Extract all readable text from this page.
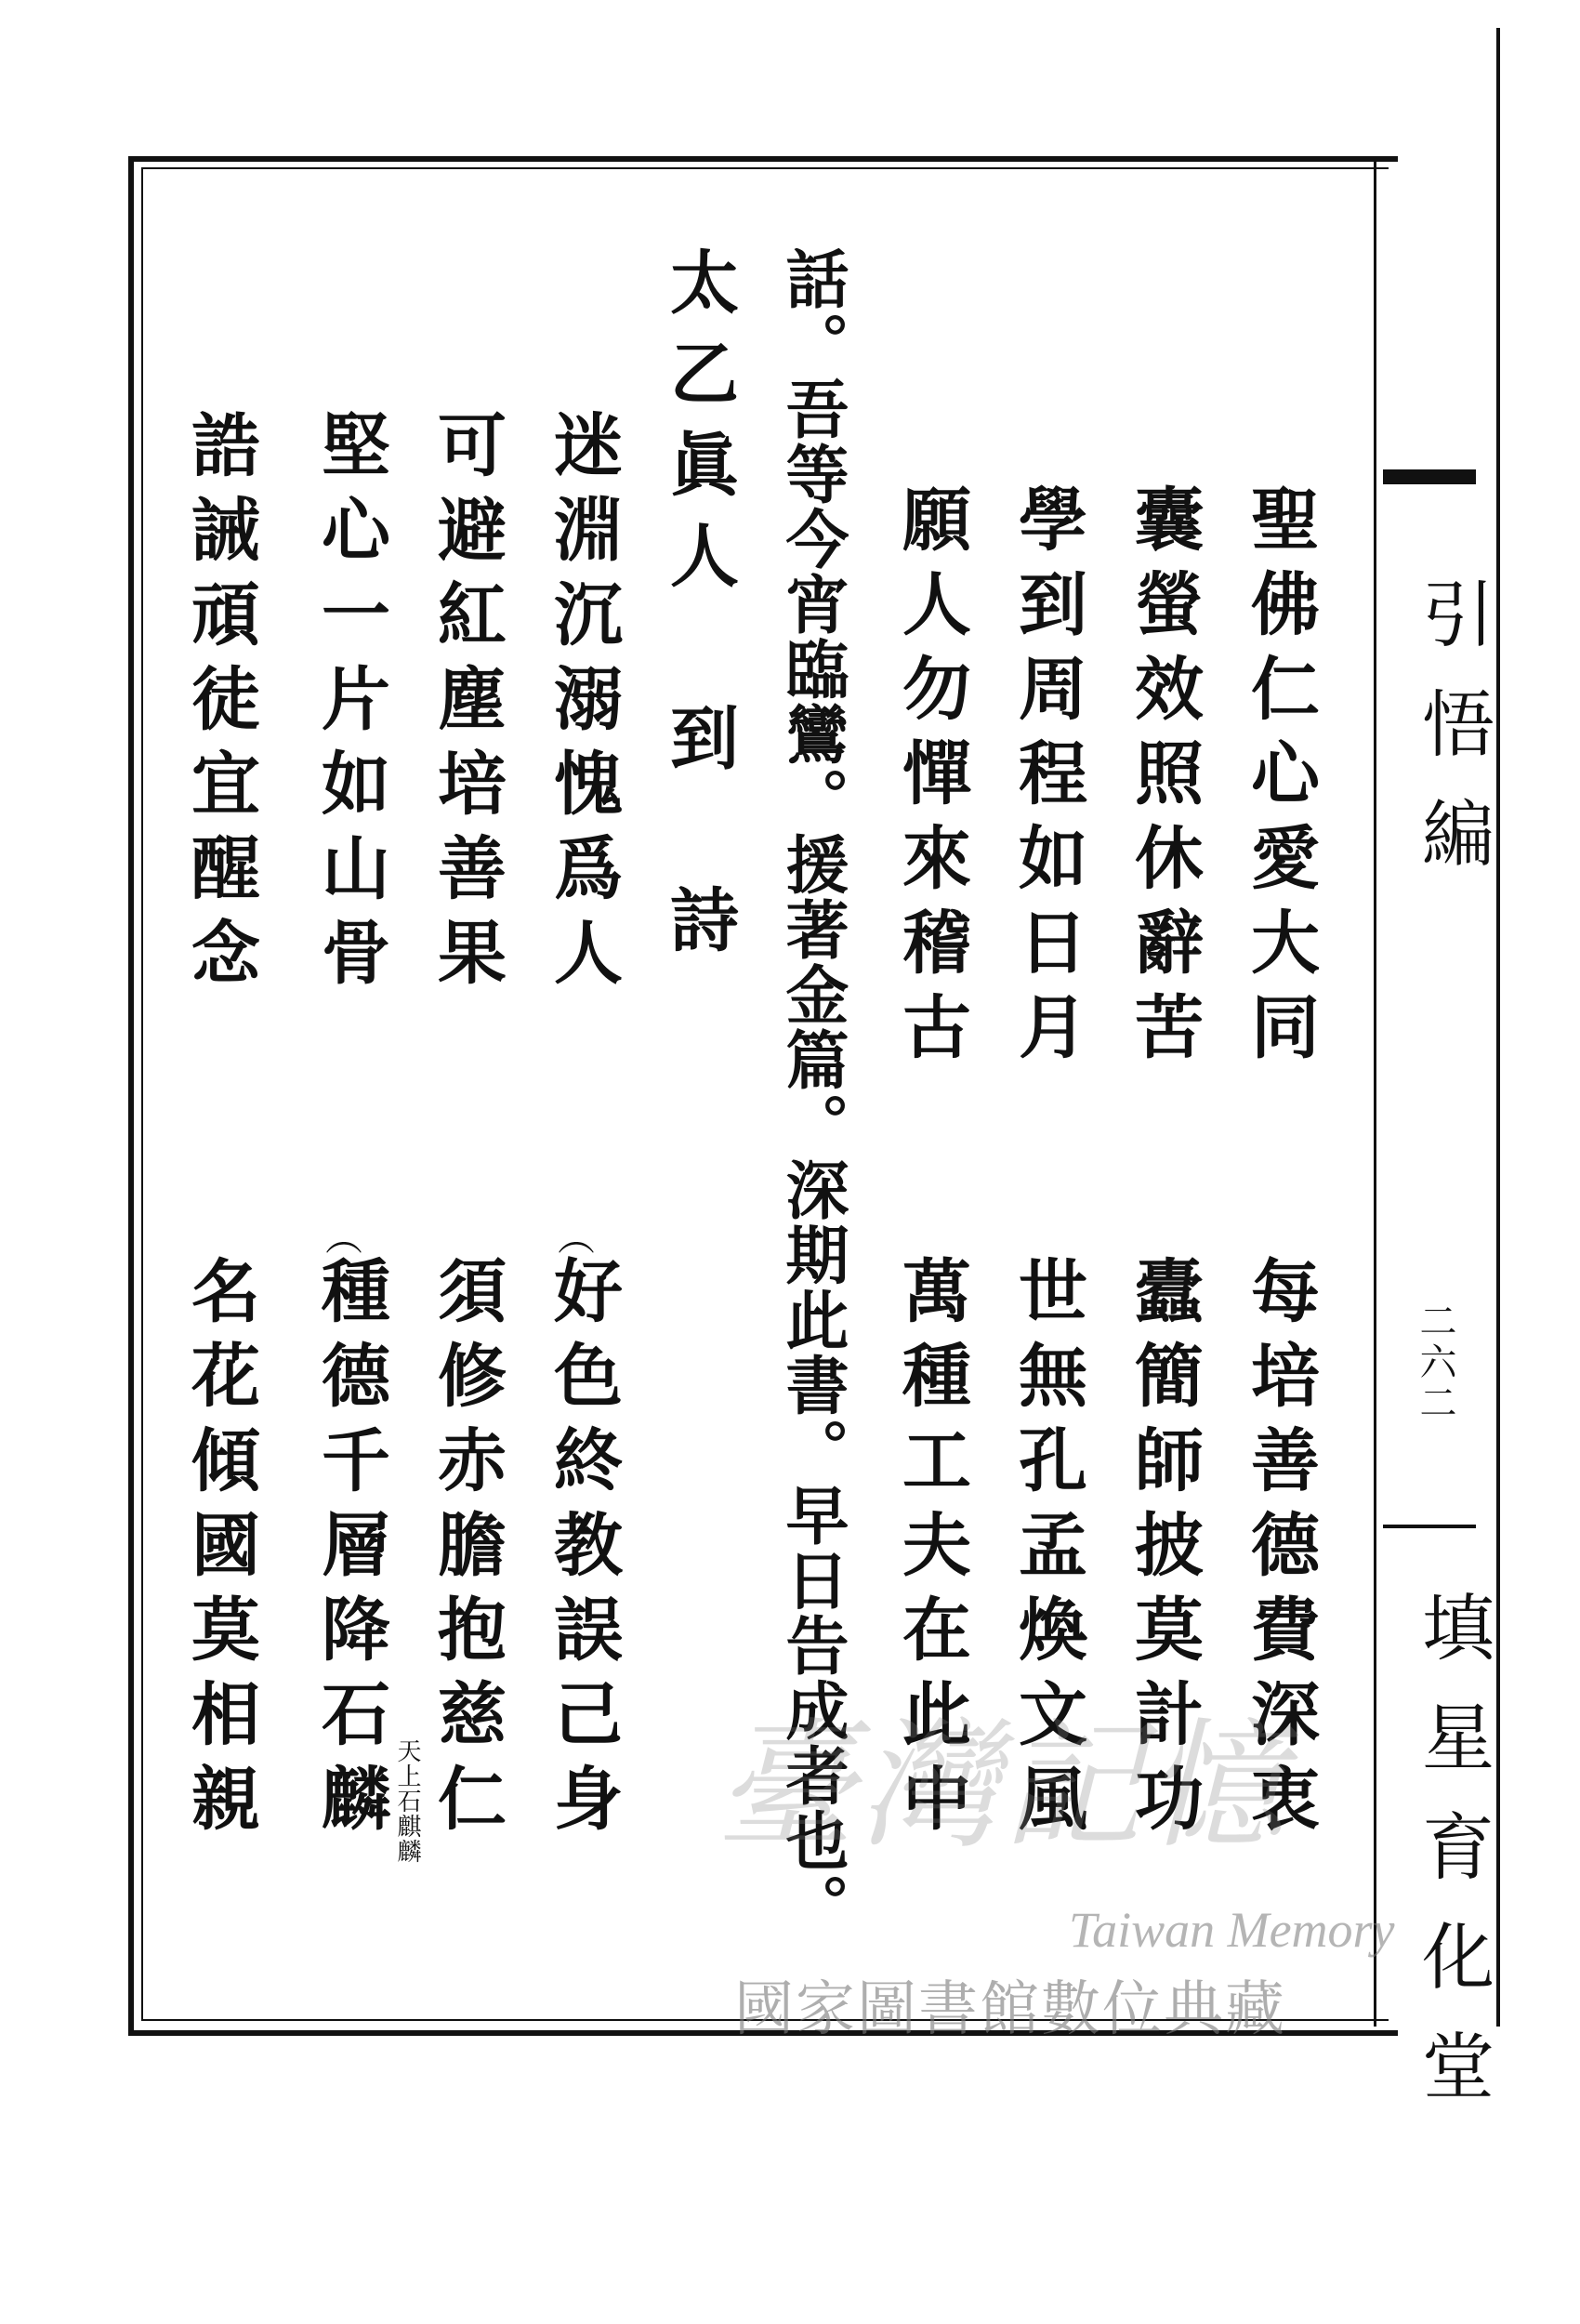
引悟編
二六二
填星育化堂
聖佛仁心愛大同
每培善德費深衷
囊螢效照休辭苦
蠹簡師披莫計功
學到周程如日月
世無孔孟煥文風
願人勿憚來稽古
萬種工夫在此中
話。吾等今宵臨鸞。援著金篇。深期此書。早日告成者也。
太乙眞人　到　詩
迷淵沉溺愧爲人
︵
好色終教誤己身
可避紅塵培善果
須修赤膽抱慈仁
堅心一片如山骨
︵
種德千層降石麟 天上石麒麟
誥誡頑徒宜醒念
名花傾國莫相親	臺灣記憶
Taiwan Memory
國家圖書館數位典藏
